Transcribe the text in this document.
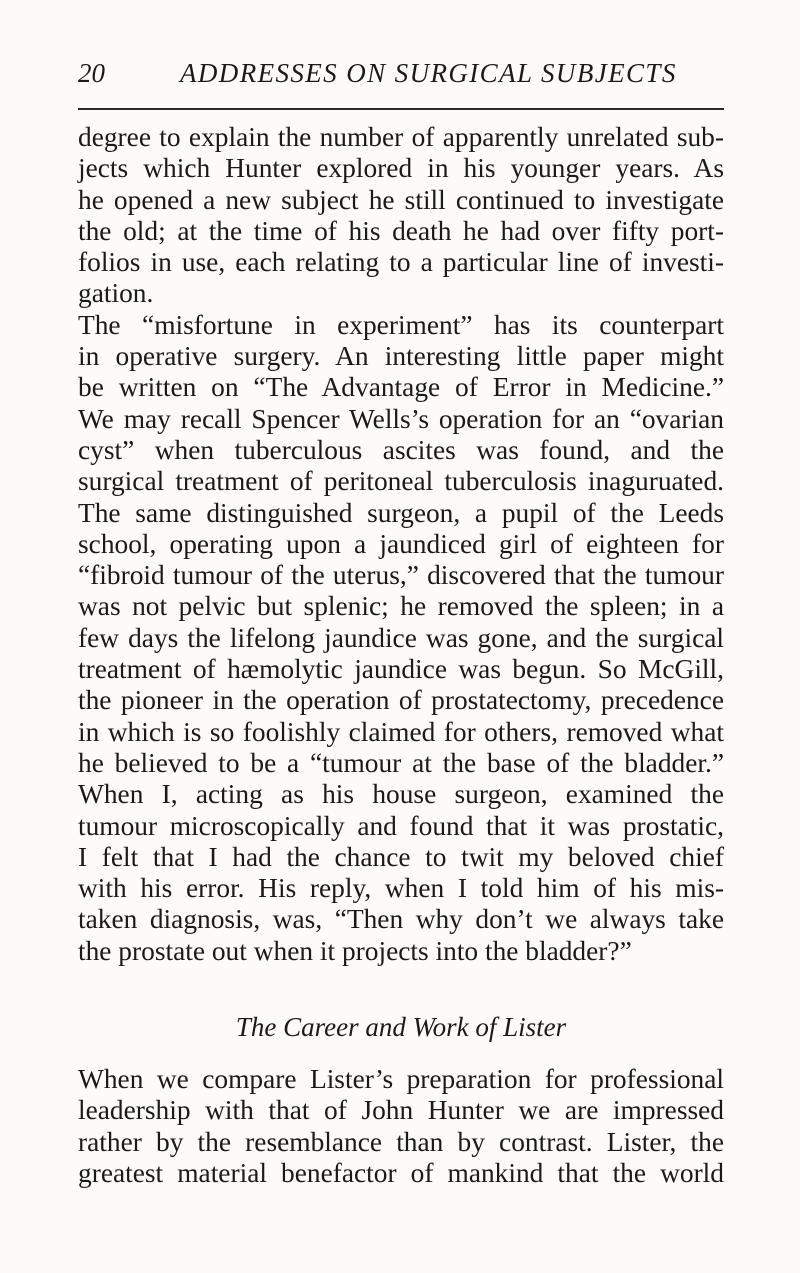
20	ADDRESSES ON SURGICAL SUBJECTS
degree to explain the number of apparently unrelated sub-
jects which Hunter explored in his younger years. As
he opened a new subject he still continued to investigate
the old; at the time of his death he had over fifty port-
folios in use, each relating to a particular line of investi-
gation.
The “misfortune in experiment” has its counterpart
in operative surgery. An interesting little paper might
be written on “The Advantage of Error in Medicine.”
We may recall Spencer Wells’s operation for an “ovarian
cyst” when tuberculous ascites was found, and the
surgical treatment of peritoneal tuberculosis inaguruated.
The same distinguished surgeon, a pupil of the Leeds
school, operating upon a jaundiced girl of eighteen for
“fibroid tumour of the uterus,” discovered that the tumour
was not pelvic but splenic; he removed the spleen; in a
few days the lifelong jaundice was gone, and the surgical
treatment of hæmolytic jaundice was begun. So McGill,
the pioneer in the operation of prostatectomy, precedence
in which is so foolishly claimed for others, removed what
he believed to be a “tumour at the base of the bladder.”
When I, acting as his house surgeon, examined the
tumour microscopically and found that it was prostatic,
I felt that I had the chance to twit my beloved chief
with his error. His reply, when I told him of his mis-
taken diagnosis, was, “Then why don’t we always take
the prostate out when it projects into the bladder?”
The Career and Work of Lister
When we compare Lister’s preparation for professional
leadership with that of John Hunter we are impressed
rather by the resemblance than by contrast. Lister, the
greatest material benefactor of mankind that the world
